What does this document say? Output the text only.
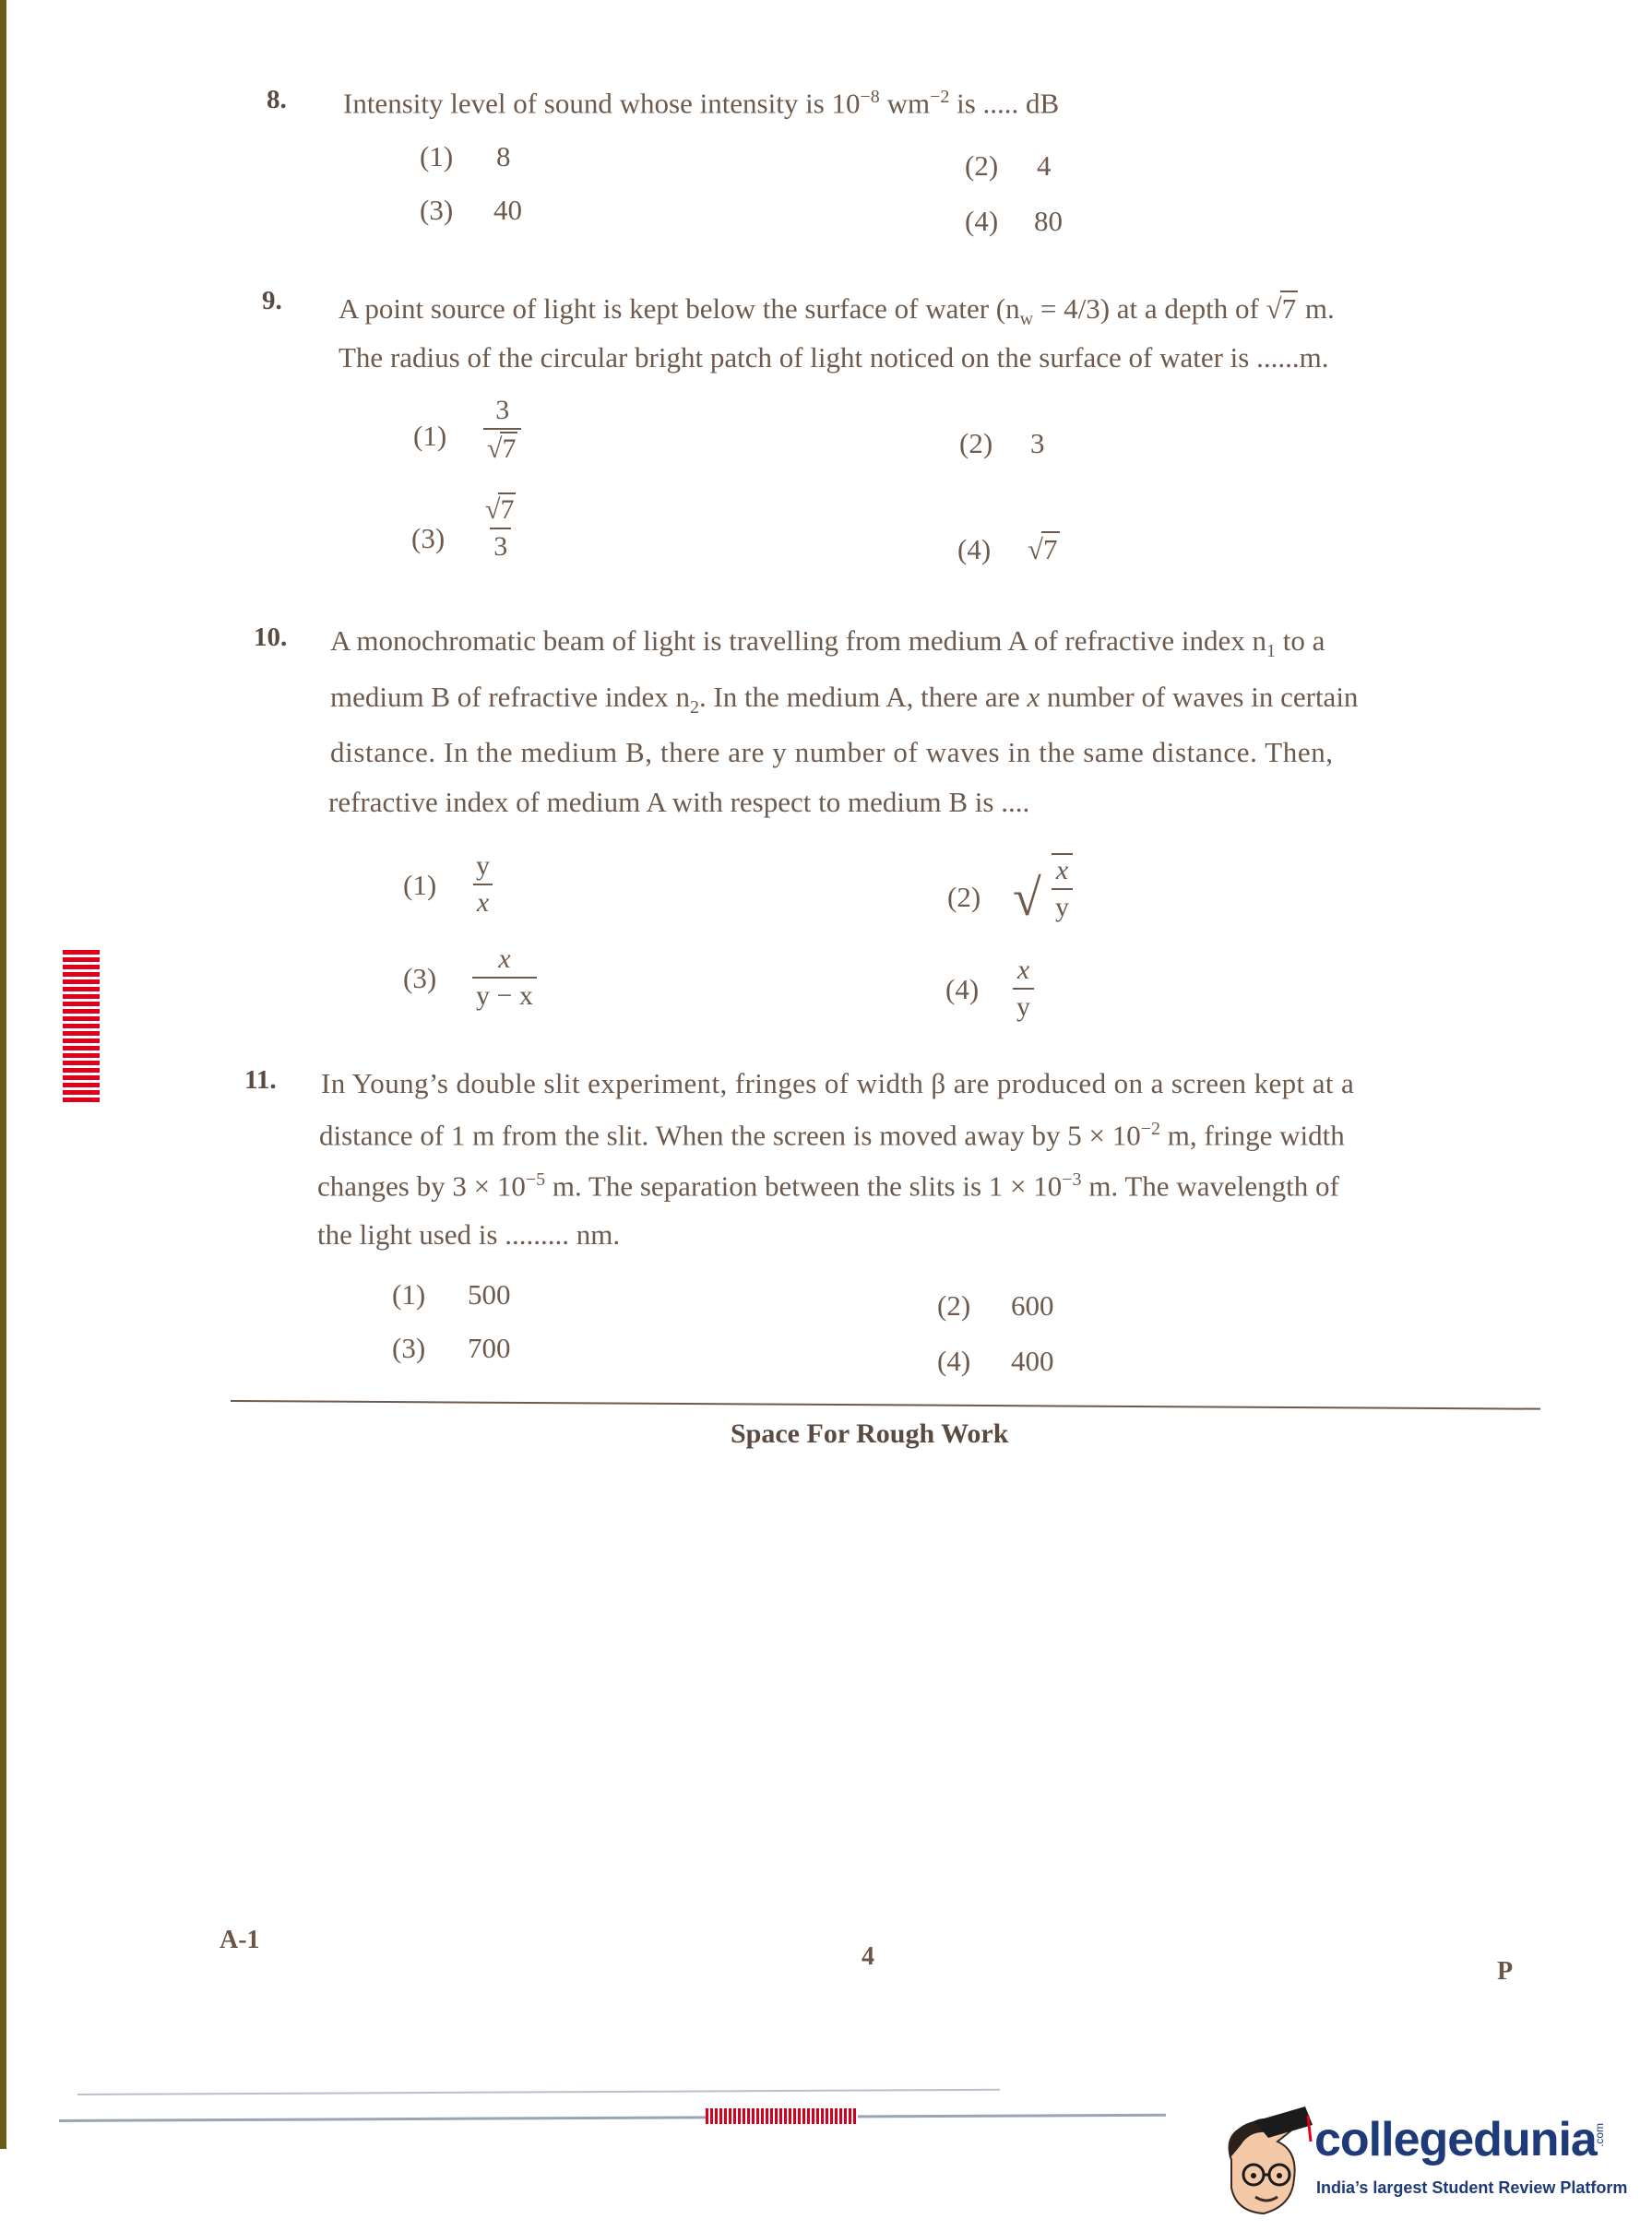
8. Intensity level of sound whose intensity is $10^{-8}$ $wm^{-2}$ is ..... dB
(1) 8	(2) 4
(3) 40	(4) 80
9. A point source of light is kept below the surface of water $(n_w = 4/3)$ at a depth of √7 m.
The radius of the circular bright patch of light noticed on the surface of water is ......m.
$(1) \frac{3}{√7}$	(2) 3
$(3) \frac{√7}{3}$	(4) √7
10. A monochromatic beam of light is travelling from medium A of refractive index $n_1$ to a
medium B of refractive index $n_2$. In the medium A, there are x number of waves in certain
distance. In the medium B, there are y number of waves in the same distance. Then,
refractive index of medium A with respect to medium B is ....
$(1) \frac{y}{x}$	(2) √ $\frac{x}{y}$
$(3) \frac{x}{y - x}$	$(4) \frac{x}{y}$
11. In Young’s double slit experiment, fringes of width β are produced on a screen kept at a
distance of 1 m from the slit. When the screen is moved away by $5 \times 10^{-2}$ m, fringe width
changes by $3 \times 10^{-5}$ m. The separation between the slits is $1 \times 10^{-3}$ m. The wavelength of
the light used is ......... nm.
(1) 500	(2) 600
(3) 700	(4) 400
Space For Rough Work
A-1
4
P
collegedunia
.com
India’s largest Student Review Platform
